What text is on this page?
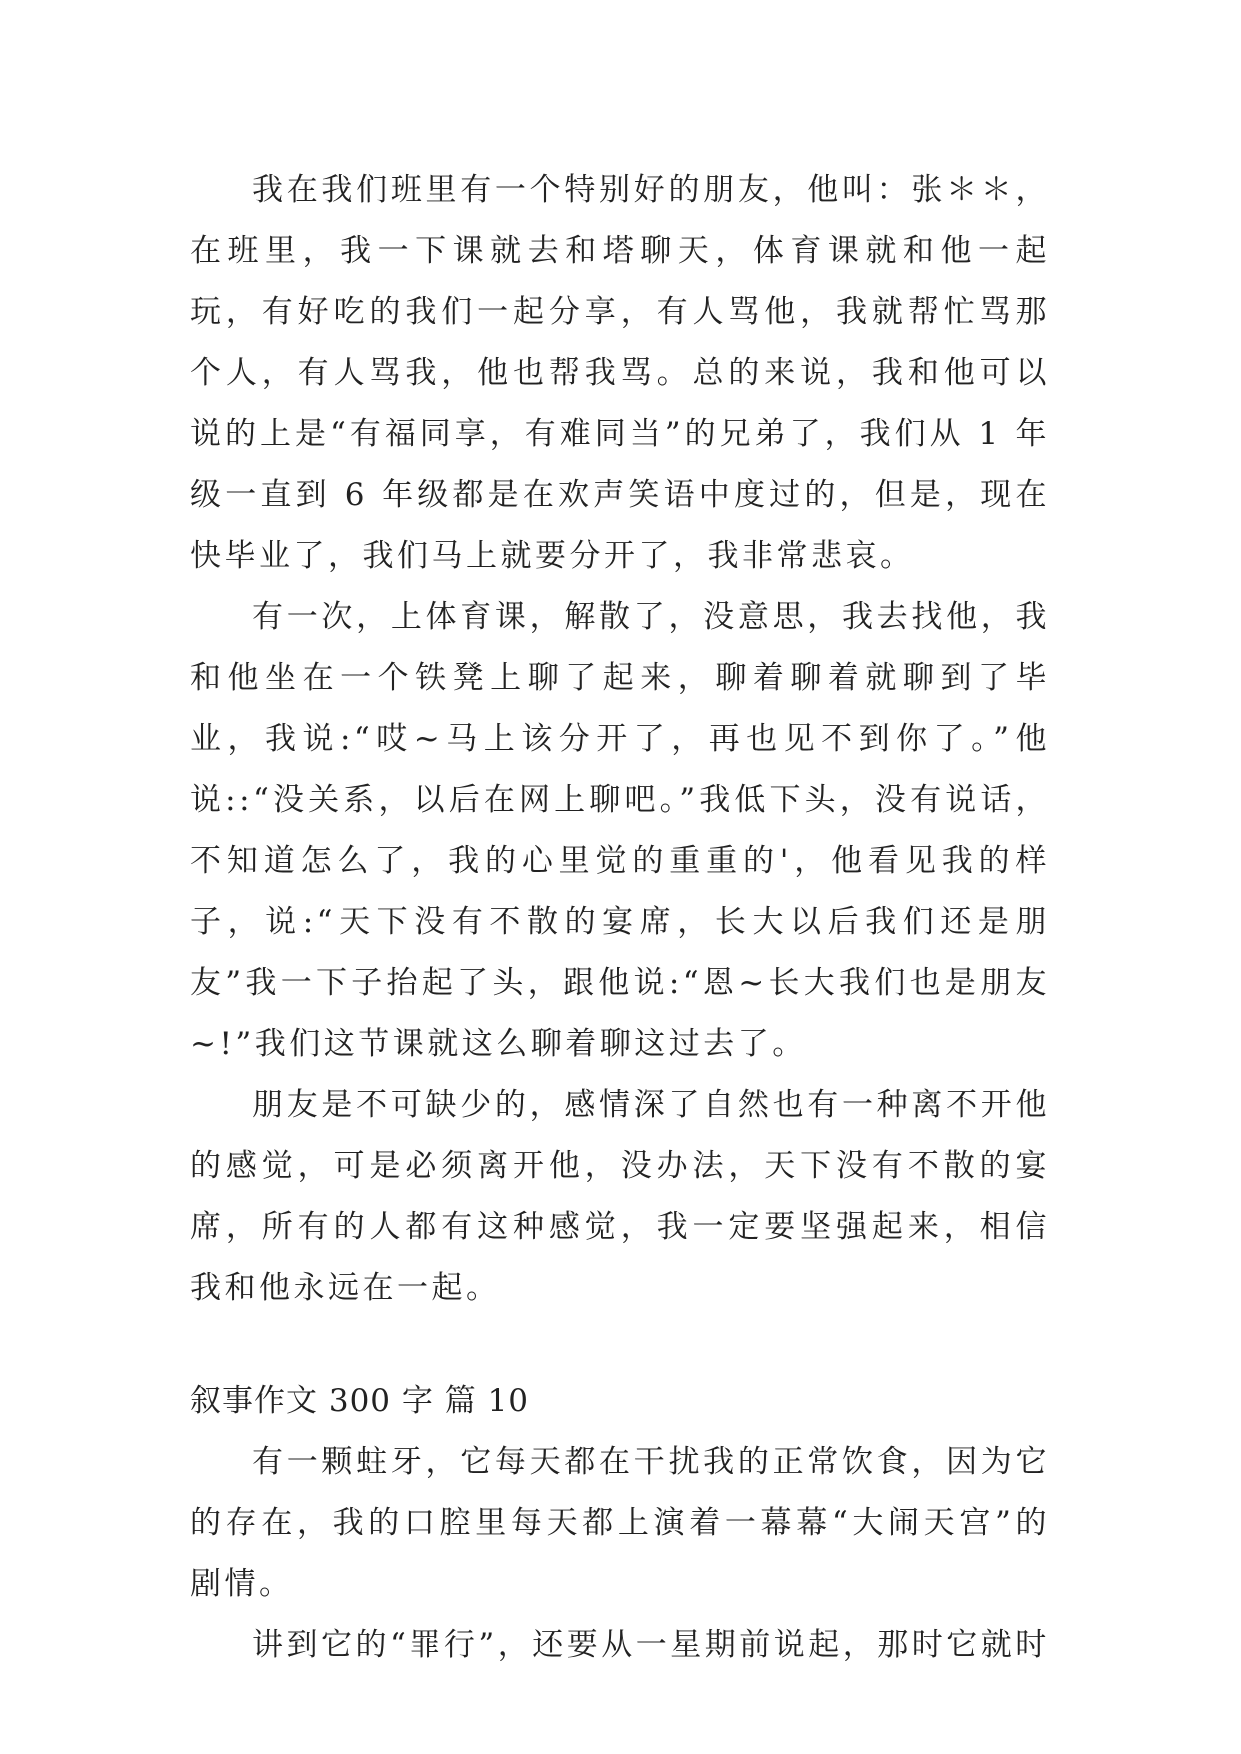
我在我们班里有一个特别好的朋友，他叫：张＊＊，在班里，我一下课就去和塔聊天，体育课就和他一起玩，有好吃的我们一起分享，有人骂他，我就帮忙骂那个人，有人骂我，他也帮我骂。总的来说，我和他可以说的上是“有福同享，有难同当”的兄弟了，我们从 1 年级一直到 6 年级都是在欢声笑语中度过的，但是，现在快毕业了，我们马上就要分开了，我非常悲哀。

有一次，上体育课，解散了，没意思，我去找他，我和他坐在一个铁凳上聊了起来，聊着聊着就聊到了毕业，我说:“哎~马上该分开了，再也见不到你了。”他说::“没关系，以后在网上聊吧。”我低下头，没有说话，不知道怎么了，我的心里觉的重重的'，他看见我的样子，说:“天下没有不散的宴席，长大以后我们还是朋友”我一下子抬起了头，跟他说:“恩~长大我们也是朋友~!”我们这节课就这么聊着聊这过去了。

朋友是不可缺少的，感情深了自然也有一种离不开他的感觉，可是必须离开他，没办法，天下没有不散的宴席，所有的人都有这种感觉，我一定要坚强起来，相信我和他永远在一起。

叙事作文 300 字 篇 10

有一颗蛀牙，它每天都在干扰我的正常饮食，因为它的存在，我的口腔里每天都上演着一幕幕“大闹天宫”的剧情。

讲到它的“罪行”，还要从一星期前说起，那时它就时
